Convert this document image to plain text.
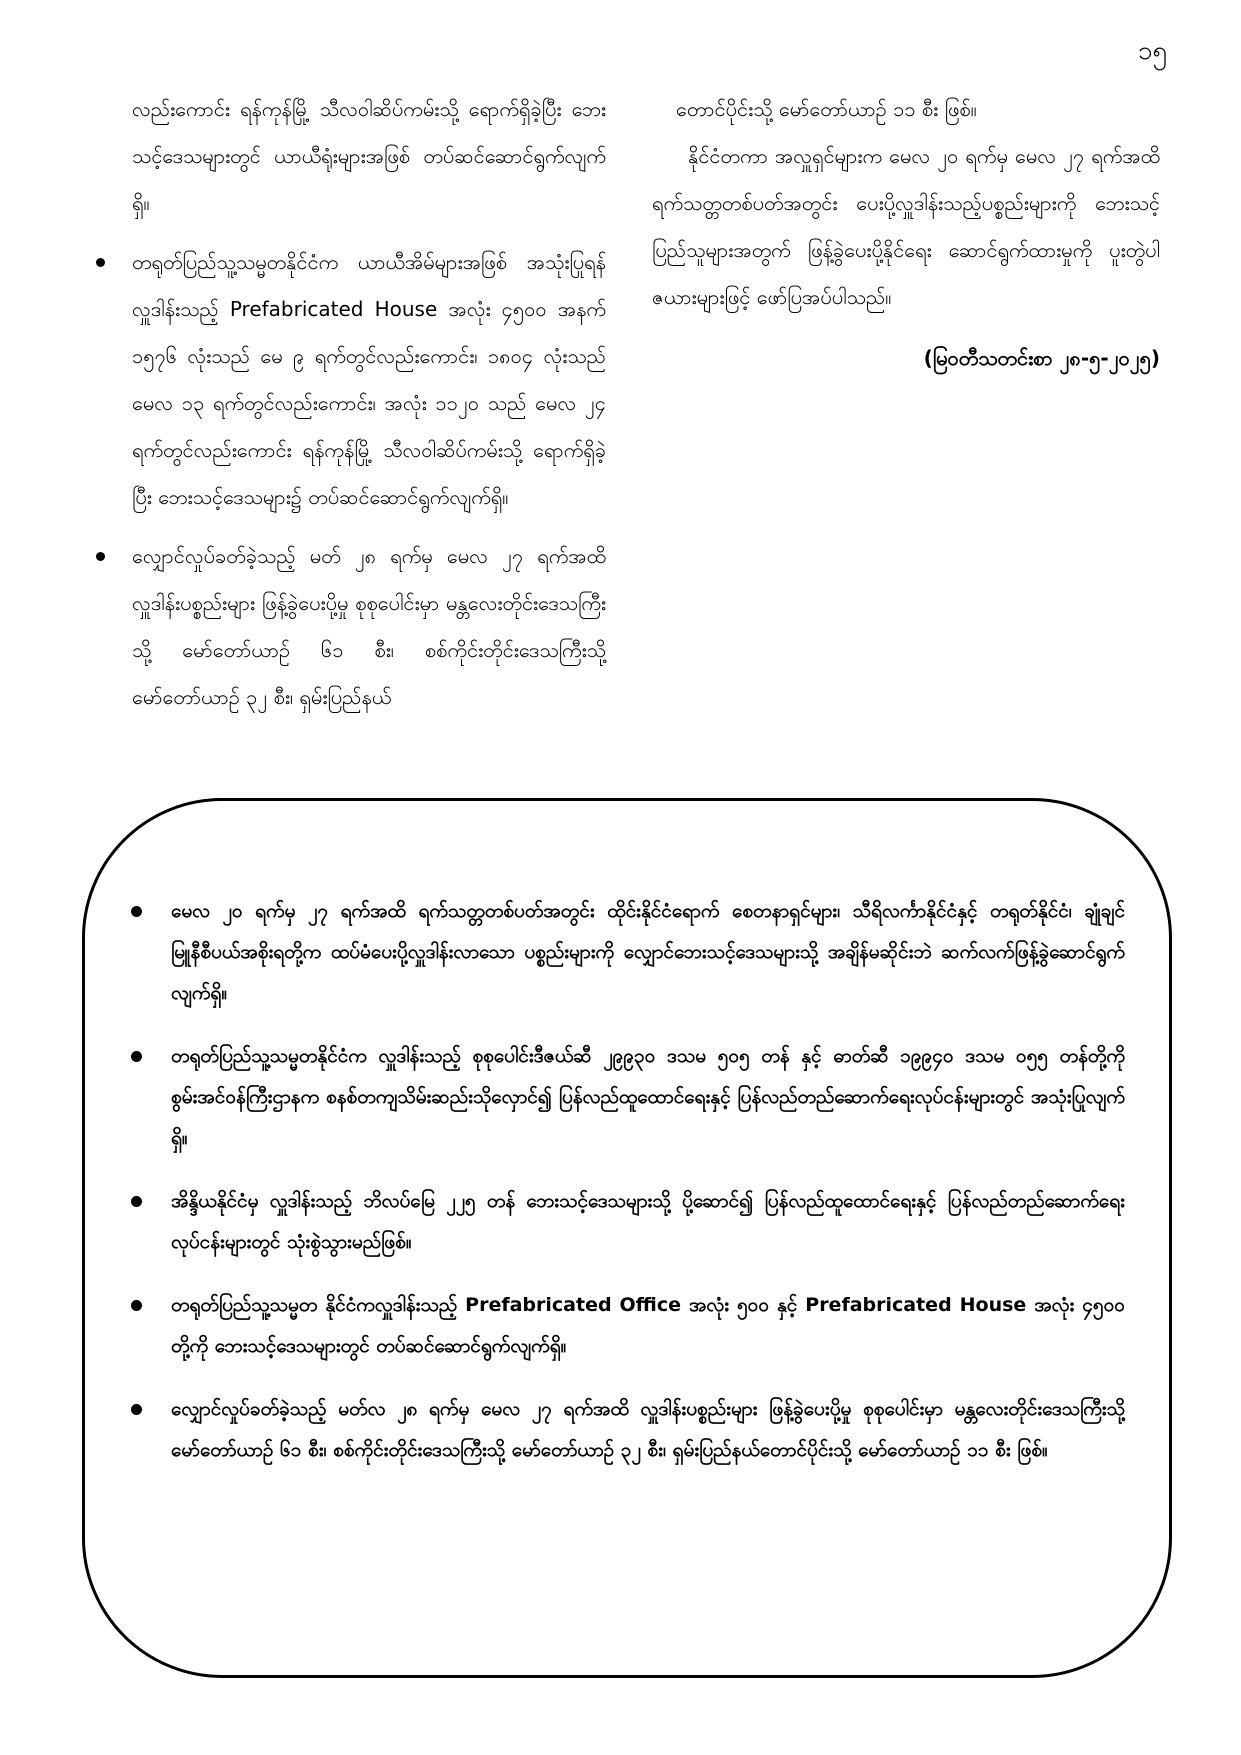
၁၅

လည်းကောင်း ရန်ကုန်မြို့ သီလဝါဆိပ်ကမ်းသို့ ရောက်ရှိခဲ့ပြီး ဘေးသင့်ဒေသများတွင် ယာယီရုံးများအဖြစ် တပ်ဆင်ဆောင်ရွက်လျက်ရှိ။

တရုတ်ပြည်သူ့သမ္မတနိုင်ငံက ယာယီအိမ်များအဖြစ် အသုံးပြုရန် လှူဒါန်းသည့် Prefabricated House အလုံး ၄၅၀၀ အနက် ၁၅၇၆ လုံးသည် မေ ၉ ရက်တွင်လည်းကောင်း၊ ၁၈၀၄ လုံးသည် မေလ ၁၃ ရက်တွင်လည်းကောင်း၊ အလုံး ၁၁၂၀ သည် မေလ ၂၄ ရက်တွင်လည်းကောင်း ရန်ကုန်မြို့ သီလဝါဆိပ်ကမ်းသို့ ရောက်ရှိခဲ့ပြီး ဘေးသင့်ဒေသများ၌ တပ်ဆင်ဆောင်ရွက်လျက်ရှိ။
လျှောင်လှုပ်ခတ်ခဲ့သည့် မတ် ၂၈ ရက်မှ မေလ ၂၇ ရက်အထိ လှူဒါန်းပစ္စည်းများ ဖြန့်ခွဲပေးပို့မှု စုစုပေါင်းမှာ မန္တလေးတိုင်းဒေသကြီးသို့ မော်တော်ယာဉ် ၆၁ စီး၊ စစ်ကိုင်းတိုင်းဒေသကြီးသို့ မော်တော်ယာဉ် ၃၂ စီး၊ ရှမ်းပြည်နယ်

တောင်ပိုင်းသို့ မော်တော်ယာဉ် ၁၁ စီး ဖြစ်။

နိုင်ငံတကာ အလှူရှင်များက မေလ ၂၀ ရက်မှ မေလ ၂၇ ရက်အထိ ရက်သတ္တတစ်ပတ်အတွင်း ပေးပို့လှူဒါန်းသည့်ပစ္စည်းများကို ဘေးသင့်ပြည်သူများအတွက် ဖြန့်ခွဲပေးပို့နိုင်ရေး ဆောင်ရွက်ထားမှုကို ပူးတွဲပါဇယားများဖြင့် ဖော်ပြအပ်ပါသည်။

(မြဝတီသတင်းစာ ၂၈-၅-၂၀၂၅)

မေလ ၂၀ ရက်မှ ၂၇ ရက်အထိ ရက်သတ္တတစ်ပတ်အတွင်း ထိုင်းနိုင်ငံရောက် စေတနာရှင်များ၊ သီရိလင်္ကာနိုင်ငံနှင့် တရုတ်နိုင်ငံ၊ ချုံချင်မြူနီစီပယ်အစိုးရတို့က ထပ်မံပေးပို့လှူဒါန်းလာသော ပစ္စည်းများကို လျှောင်ဘေးသင့်ဒေသများသို့ အချိန်မဆိုင်းဘဲ ဆက်လက်ဖြန့်ခွဲဆောင်ရွက်လျက်ရှိ။
တရုတ်ပြည်သူ့သမ္မတနိုင်ငံက လှူဒါန်းသည့် စုစုပေါင်းဒီဇယ်ဆီ ၂၉၉၃၀ ဒသမ ၅၀၅ တန် နှင့် ဓာတ်ဆီ ၁၉၉၄၀ ဒသမ ၀၅၅ တန်တို့ကို စွမ်းအင်ဝန်ကြီးဌာနက စနစ်တကျသိမ်းဆည်းသိုလှောင်၍ ပြန်လည်ထူထောင်ရေးနှင့် ပြန်လည်တည်ဆောက်ရေးလုပ်ငန်းများတွင် အသုံးပြုလျက်ရှိ။
အိန္ဒိယနိုင်ငံမှ လှူဒါန်းသည့် ဘိလပ်မြေ ၂၂၅ တန် ဘေးသင့်ဒေသများသို့ ပို့ဆောင်၍ ပြန်လည်ထူထောင်ရေးနှင့် ပြန်လည်တည်ဆောက်ရေးလုပ်ငန်းများတွင် သုံးစွဲသွားမည်ဖြစ်။
တရုတ်ပြည်သူ့သမ္မတ နိုင်ငံကလှူဒါန်းသည့် Prefabricated Office အလုံး ၅၀၀ နှင့် Prefabricated House အလုံး ၄၅၀၀ တို့ကို ဘေးသင့်ဒေသများတွင် တပ်ဆင်ဆောင်ရွက်လျက်ရှိ။
လျှောင်လှုပ်ခတ်ခဲ့သည့် မတ်လ ၂၈ ရက်မှ မေလ ၂၇ ရက်အထိ လှူဒါန်းပစ္စည်းများ ဖြန့်ခွဲပေးပို့မှု စုစုပေါင်းမှာ မန္တလေးတိုင်းဒေသကြီးသို့ မော်တော်ယာဉ် ၆၁ စီး၊ စစ်ကိုင်းတိုင်းဒေသကြီးသို့ မော်တော်ယာဉ် ၃၂ စီး၊ ရှမ်းပြည်နယ်တောင်ပိုင်းသို့ မော်တော်ယာဉ် ၁၁ စီး ဖြစ်။
